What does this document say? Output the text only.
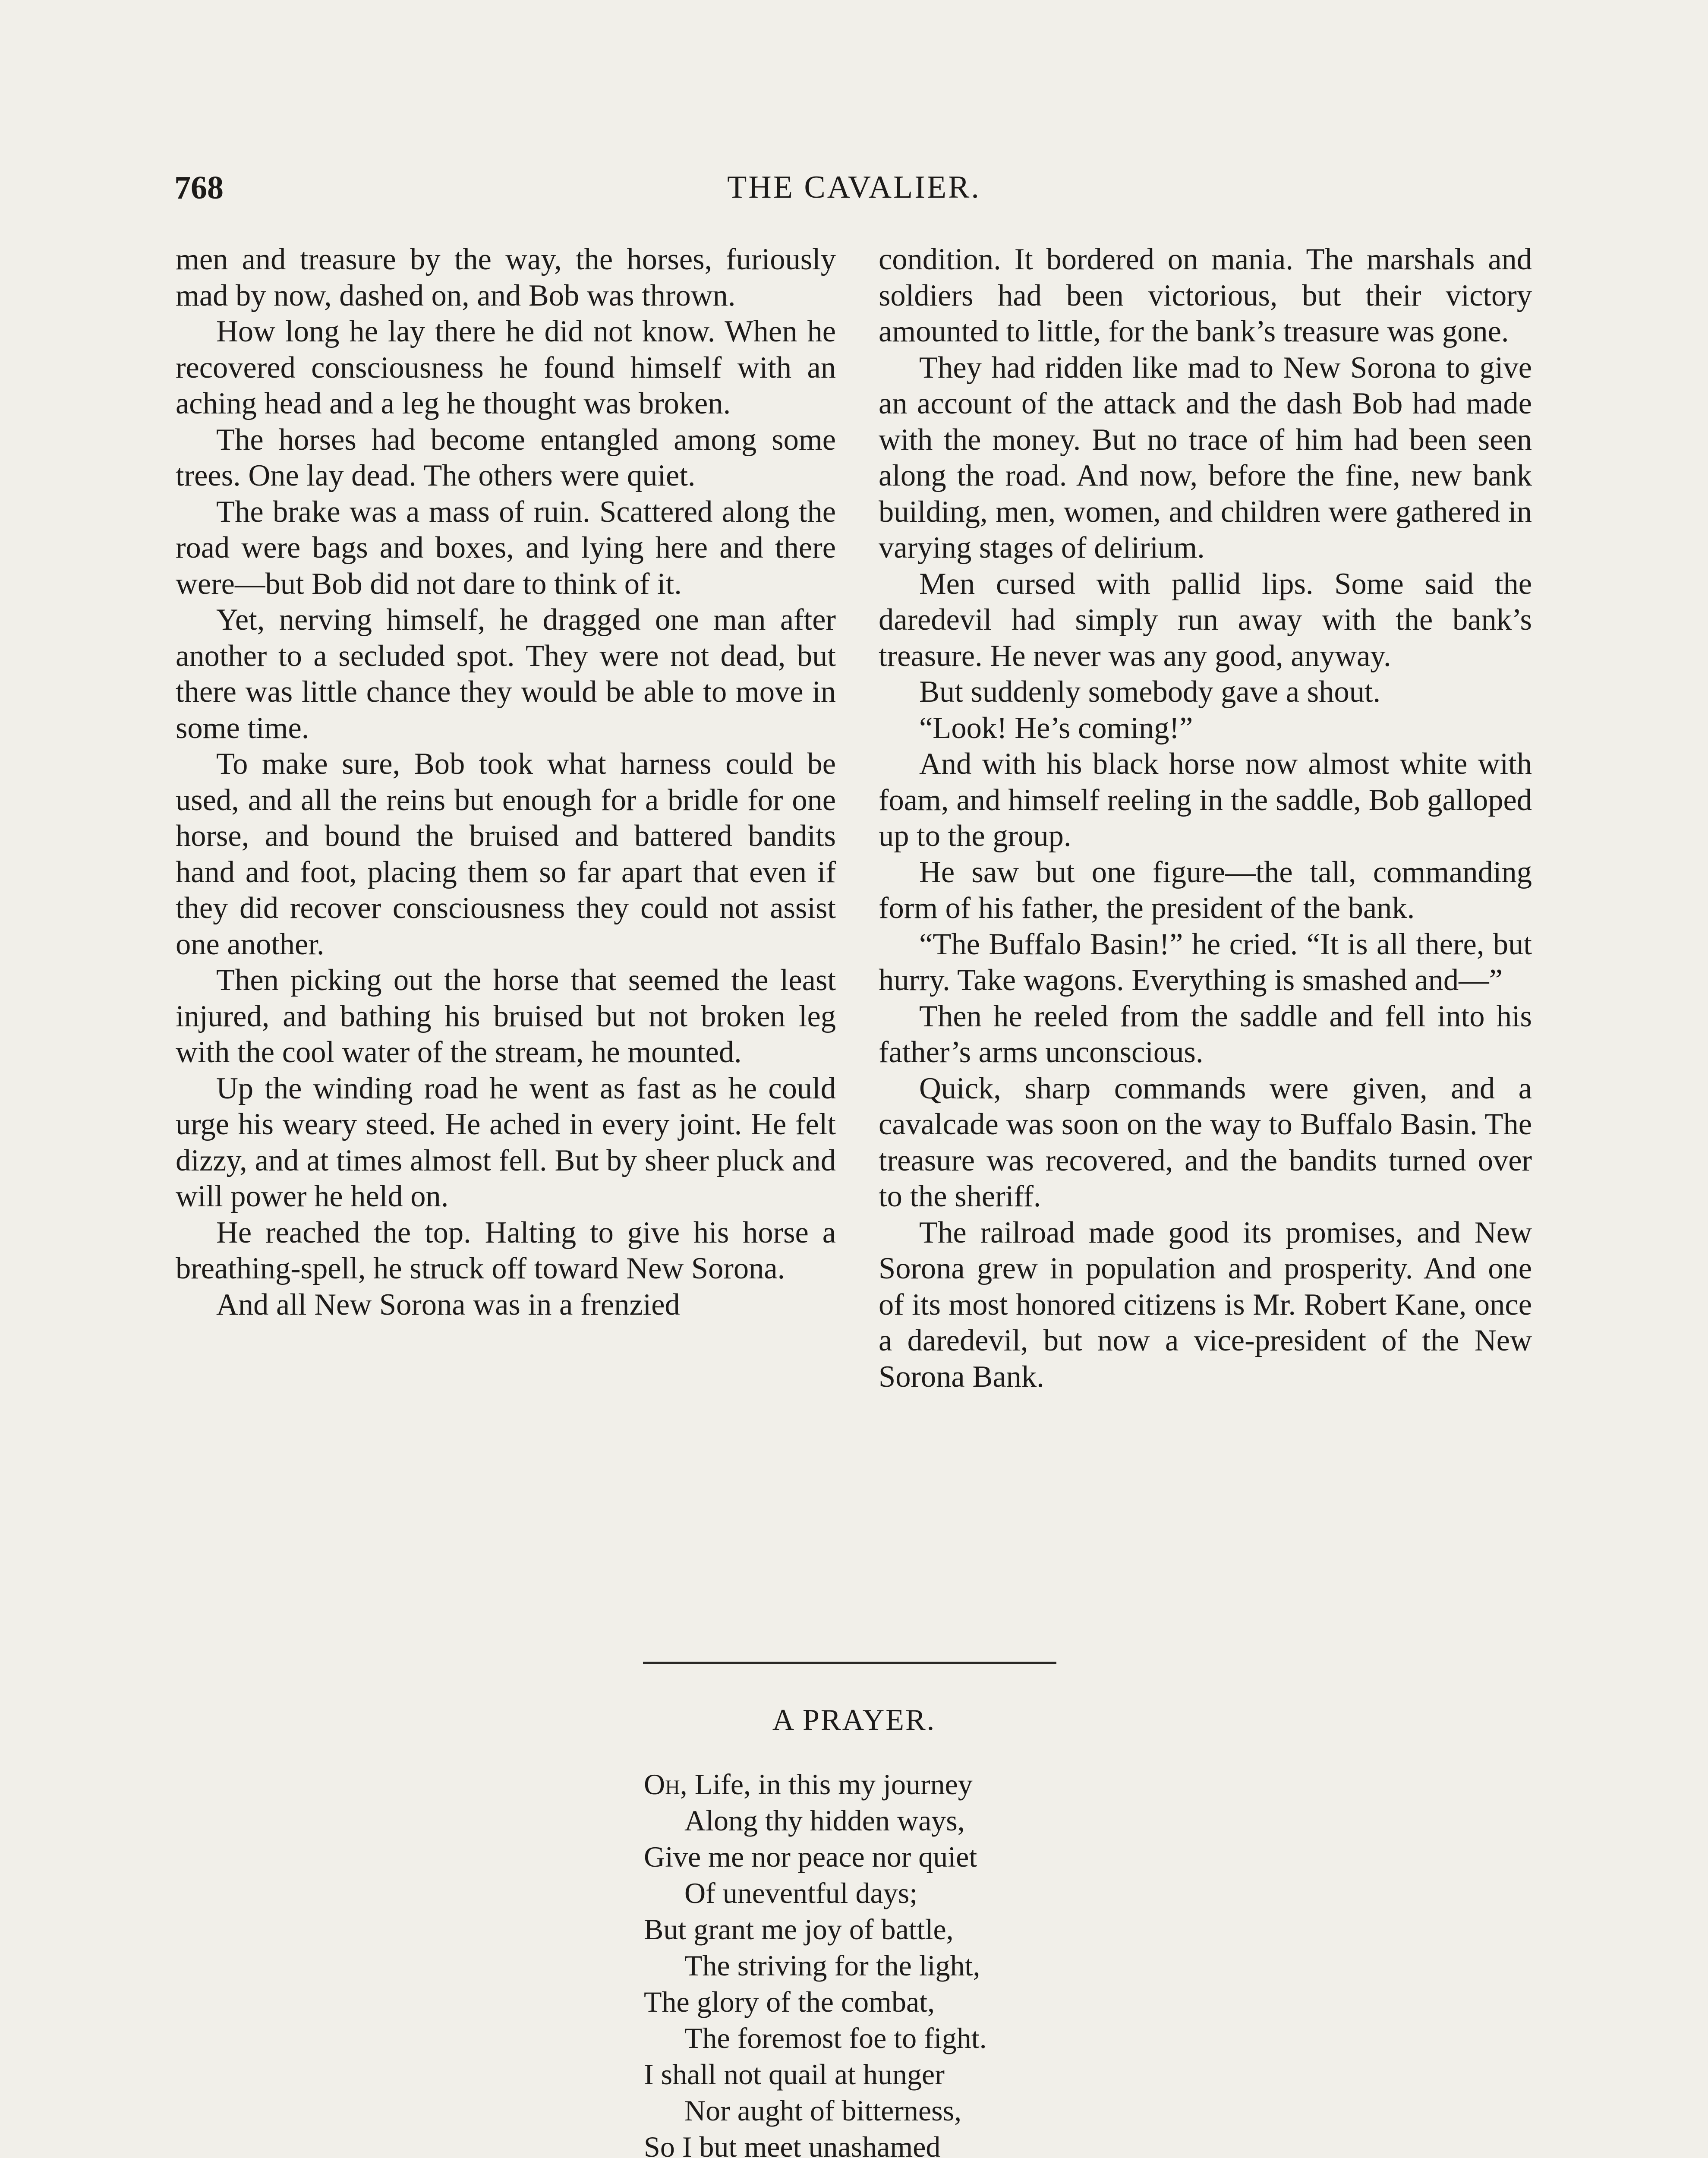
768	THE CAVALIER.

men and treasure by the way, the horses, furiously mad by now, dashed on, and Bob was thrown.

How long he lay there he did not know. When he recovered consciousness he found himself with an aching head and a leg he thought was broken.

The horses had become entangled among some trees. One lay dead. The others were quiet.

The brake was a mass of ruin. Scattered along the road were bags and boxes, and lying here and there were—but Bob did not dare to think of it.

Yet, nerving himself, he dragged one man after another to a secluded spot. They were not dead, but there was little chance they would be able to move in some time.

To make sure, Bob took what harness could be used, and all the reins but enough for a bridle for one horse, and bound the bruised and battered bandits hand and foot, placing them so far apart that even if they did recover consciousness they could not assist one another.

Then picking out the horse that seemed the least injured, and bathing his bruised but not broken leg with the cool water of the stream, he mounted.

Up the winding road he went as fast as he could urge his weary steed. He ached in every joint. He felt dizzy, and at times almost fell. But by sheer pluck and will power he held on.

He reached the top. Halting to give his horse a breathing-spell, he struck off toward New Sorona.

And all New Sorona was in a frenzied

condition. It bordered on mania. The marshals and soldiers had been victorious, but their victory amounted to little, for the bank’s treasure was gone.

They had ridden like mad to New Sorona to give an account of the attack and the dash Bob had made with the money. But no trace of him had been seen along the road. And now, before the fine, new bank building, men, women, and children were gathered in varying stages of delirium.

Men cursed with pallid lips. Some said the daredevil had simply run away with the bank’s treasure. He never was any good, anyway.

But suddenly somebody gave a shout.

“Look! He’s coming!”

And with his black horse now almost white with foam, and himself reeling in the saddle, Bob galloped up to the group.

He saw but one figure—the tall, commanding form of his father, the president of the bank.

“The Buffalo Basin!” he cried. “It is all there, but hurry. Take wagons. Everything is smashed and—”

Then he reeled from the saddle and fell into his father’s arms unconscious.

Quick, sharp commands were given, and a cavalcade was soon on the way to Buffalo Basin. The treasure was recovered, and the bandits turned over to the sheriff.

The railroad made good its promises, and New Sorona grew in population and prosperity. And one of its most honored citizens is Mr. Robert Kane, once a daredevil, but now a vice-president of the New Sorona Bank.

A PRAYER.
Oh, Life, in this my journey
Along thy hidden ways,
Give me nor peace nor quiet
Of uneventful days;
But grant me joy of battle,
The striving for the light,
The glory of the combat,
The foremost foe to fight.
I shall not quail at hunger
Nor aught of bitterness,
So I but meet unashamed
